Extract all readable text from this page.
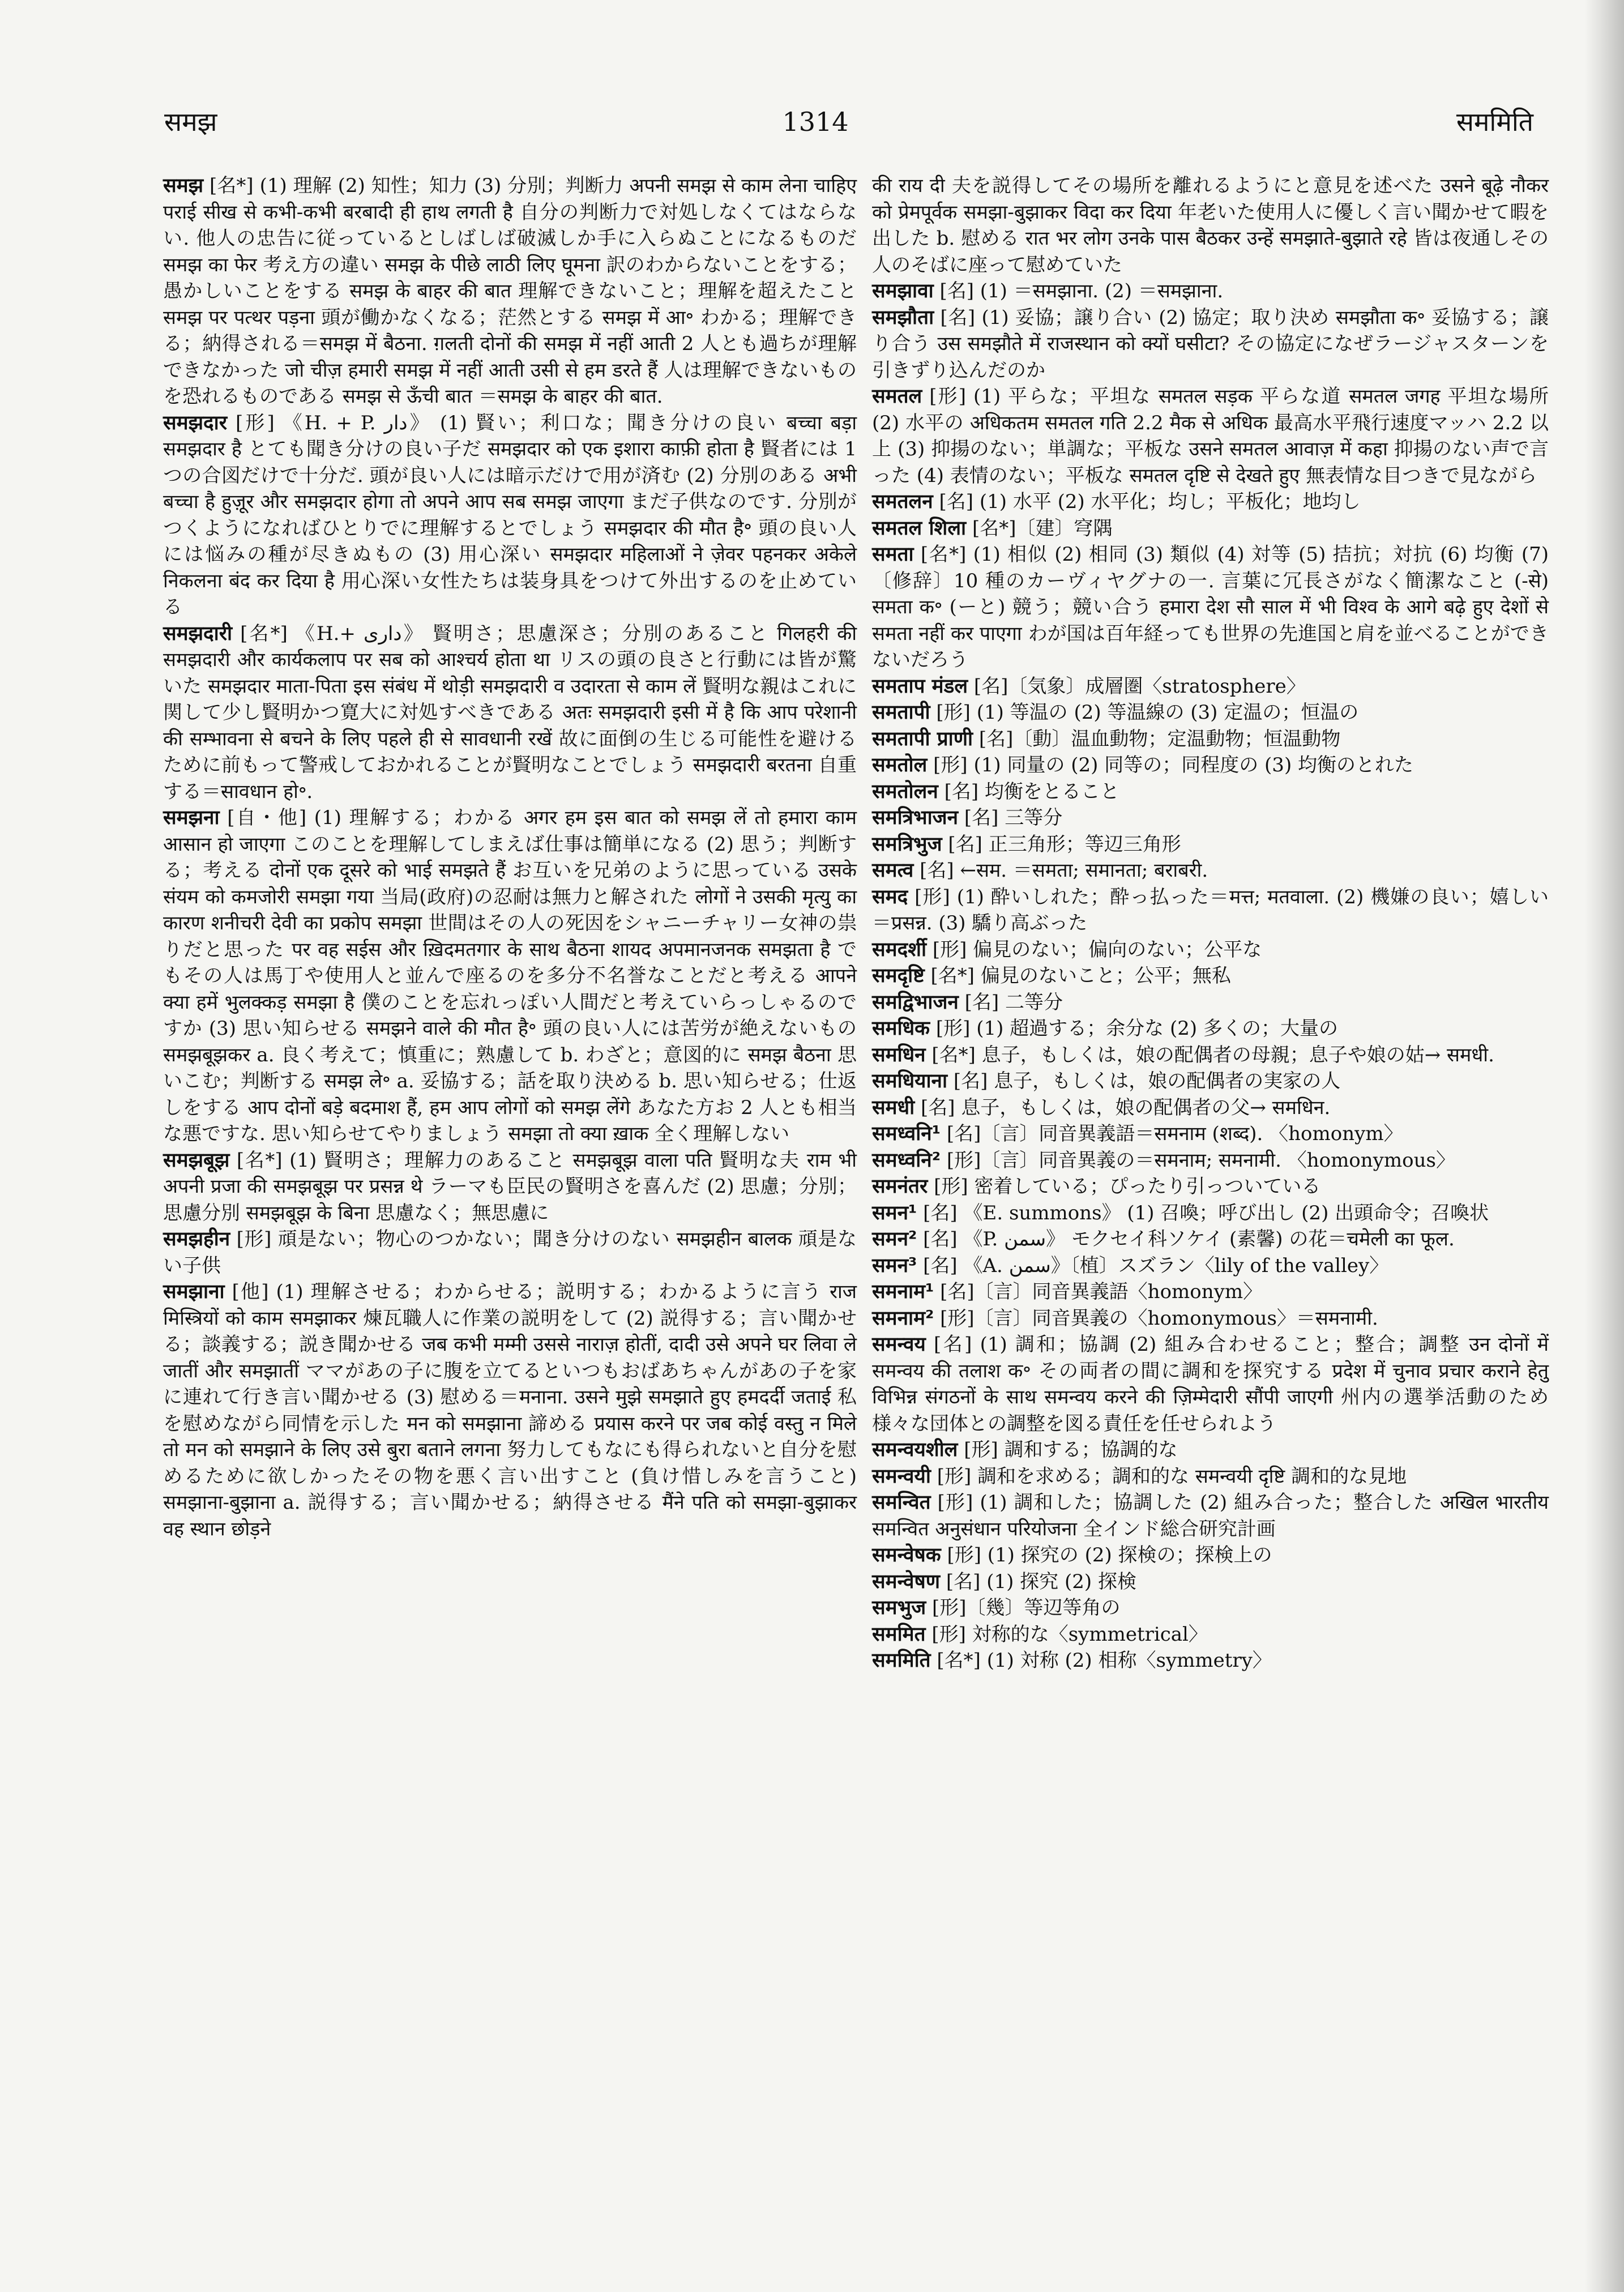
समझ	1314	सममिति
समझ [名*] (1) 理解 (2) 知性；知力 (3) 分別；判断力 अपनी समझ से काम लेना चाहिए पराई सीख से कभी-कभी बरबादी ही हाथ लगती है 自分の判断力で対処しなくてはならない. 他人の忠告に従っているとしばしば破滅しか手に入らぬことになるものだ समझ का फेर 考え方の違い समझ के पीछे लाठी लिए घूमना 訳のわからないことをする；愚かしいことをする समझ के बाहर की बात 理解できないこと；理解を超えたこと समझ पर पत्थर पड़ना 頭が働かなくなる；茫然とする समझ में आ॰ わかる；理解できる；納得される＝समझ में बैठना. ग़लती दोनों की समझ में नहीं आती 2 人とも過ちが理解できなかった जो चीज़ हमारी समझ में नहीं आती उसी से हम डरते हैं 人は理解できないものを恐れるものである समझ से ऊँची बात ＝समझ के बाहर की बात.
समझदार [形] 《H. + P. دار》 (1) 賢い；利口な；聞き分けの良い बच्चा बड़ा समझदार है とても聞き分けの良い子だ समझदार को एक इशारा काफ़ी होता है 賢者には 1 つの合図だけで十分だ. 頭が良い人には暗示だけで用が済む (2) 分別のある अभी बच्चा है हुज़ूर और समझदार होगा तो अपने आप सब समझ जाएगा まだ子供なのです. 分別がつくようになればひとりでに理解するとでしょう समझदार की मौत है॰ 頭の良い人には悩みの種が尽きぬもの (3) 用心深い समझदार महिलाओं ने ज़ेवर पहनकर अकेले निकलना बंद कर दिया है 用心深い女性たちは装身具をつけて外出するのを止めている
समझदारी [名*] 《H.+ داری》 賢明さ；思慮深さ；分別のあること गिलहरी की समझदारी और कार्यकलाप पर सब को आश्चर्य होता था リスの頭の良さと行動には皆が驚いた समझदार माता-पिता इस संबंध में थोड़ी समझदारी व उदारता से काम लें 賢明な親はこれに関して少し賢明かつ寛大に対処すべきである अतः समझदारी इसी में है कि आप परेशानी की सम्भावना से बचने के लिए पहले ही से सावधानी रखें 故に面倒の生じる可能性を避けるために前もって警戒しておかれることが賢明なことでしょう समझदारी बरतना 自重する＝सावधान हो॰.
समझना [自・他] (1) 理解する；わかる अगर हम इस बात को समझ लें तो हमारा काम आसान हो जाएगा このことを理解してしまえば仕事は簡単になる (2) 思う；判断する；考える दोनों एक दूसरे को भाई समझते हैं お互いを兄弟のように思っている उसके संयम को कमजोरी समझा गया 当局(政府)の忍耐は無力と解された लोगों ने उसकी मृत्यु का कारण शनीचरी देवी का प्रकोप समझा 世間はその人の死因をシャニーチャリー女神の祟りだと思った पर वह सईस और ख़िदमतगार के साथ बैठना शायद अपमानजनक समझता है でもその人は馬丁や使用人と並んで座るのを多分不名誉なことだと考える आपने क्या हमें भुलक्कड़ समझा है 僕のことを忘れっぽい人間だと考えていらっしゃるのですか (3) 思い知らせる समझने वाले की मौत है॰ 頭の良い人には苦労が絶えないもの समझबूझकर a. 良く考えて；慎重に；熟慮して b. わざと；意図的に समझ बैठना 思いこむ；判断する समझ ले॰ a. 妥協する；話を取り決める b. 思い知らせる；仕返しをする आप दोनों बड़े बदमाश हैं, हम आप लोगों को समझ लेंगे あなた方お 2 人とも相当な悪ですな. 思い知らせてやりましょう समझा तो क्या ख़ाक 全く理解しない
समझबूझ [名*] (1) 賢明さ；理解力のあること समझबूझ वाला पति 賢明な夫 राम भी अपनी प्रजा की समझबूझ पर प्रसन्न थे ラーマも臣民の賢明さを喜んだ (2) 思慮；分別；思慮分別 समझबूझ के बिना 思慮なく；無思慮に
समझहीन [形] 頑是ない；物心のつかない；聞き分けのない समझहीन बालक 頑是ない子供
समझाना [他] (1) 理解させる；わからせる；説明する；わかるように言う राज मिस्त्रियों को काम समझाकर 煉瓦職人に作業の説明をして (2) 説得する；言い聞かせる；談義する；説き聞かせる जब कभी मम्मी उससे नाराज़ होतीं, दादी उसे अपने घर लिवा ले जातीं और समझातीं ママがあの子に腹を立てるといつもおばあちゃんがあの子を家に連れて行き言い聞かせる (3) 慰める＝मनाना. उसने मुझे समझाते हुए हमदर्दी जताई 私を慰めながら同情を示した मन को समझाना 諦める प्रयास करने पर जब कोई वस्तु न मिले तो मन को समझाने के लिए उसे बुरा बताने लगना 努力してもなにも得られないと自分を慰めるために欲しかったその物を悪く言い出すこと (負け惜しみを言うこと) समझाना-बुझाना a. 説得する；言い聞かせる；納得させる मैंने पति को समझा-बुझाकर वह स्थान छोड़ने
की राय दी 夫を説得してその場所を離れるようにと意見を述べた उसने बूढ़े नौकर को प्रेमपूर्वक समझा-बुझाकर विदा कर दिया 年老いた使用人に優しく言い聞かせて暇を出した b. 慰める रात भर लोग उनके पास बैठकर उन्हें समझाते-बुझाते रहे 皆は夜通しその人のそばに座って慰めていた
समझावा [名] (1) ＝समझाना. (2) ＝समझाना.
समझौता [名] (1) 妥協；譲り合い (2) 協定；取り決め समझौता क॰ 妥協する；譲り合う उस समझौते में राजस्थान को क्यों घसीटा? その協定になぜラージャスターンを引きずり込んだのか
समतल [形] (1) 平らな；平坦な समतल सड़क 平らな道 समतल जगह 平坦な場所 (2) 水平の अधिकतम समतल गति 2.2 मैक से अधिक 最高水平飛行速度マッハ 2.2 以上 (3) 抑揚のない；単調な；平板な उसने समतल आवाज़ में कहा 抑揚のない声で言った (4) 表情のない；平板な समतल दृष्टि से देखते हुए 無表情な目つきで見ながら
समतलन [名] (1) 水平 (2) 水平化；均し；平板化；地均し
समतल शिला [名*]〔建〕穹隅
समता [名*] (1) 相似 (2) 相同 (3) 類似 (4) 対等 (5) 拮抗；対抗 (6) 均衡 (7)〔修辞〕10 種のカーヴィヤグナの一. 言葉に冗長さがなく簡潔なこと (-से) समता क॰ (ーと) 競う；競い合う हमारा देश सौ साल में भी विश्व के आगे बढ़े हुए देशों से समता नहीं कर पाएगा わが国は百年経っても世界の先進国と肩を並べることができないだろう
समताप मंडल [名]〔気象〕成層圏〈stratosphere〉
समतापी [形] (1) 等温の (2) 等温線の (3) 定温の；恒温の
समतापी प्राणी [名]〔動〕温血動物；定温動物；恒温動物
समतोल [形] (1) 同量の (2) 同等の；同程度の (3) 均衡のとれた
समतोलन [名] 均衡をとること
समत्रिभाजन [名] 三等分
समत्रिभुज [名] 正三角形；等辺三角形
समत्व [名] ←सम. ＝समता; समानता; बराबरी.
समद [形] (1) 酔いしれた；酔っ払った＝मत्त; मतवाला. (2) 機嫌の良い；嬉しい＝प्रसन्न. (3) 驕り高ぶった
समदर्शी [形] 偏見のない；偏向のない；公平な
समदृष्टि [名*] 偏見のないこと；公平；無私
समद्विभाजन [名] 二等分
समधिक [形] (1) 超過する；余分な (2) 多くの；大量の
समधिन [名*] 息子，もしくは，娘の配偶者の母親；息子や娘の姑→ समधी.
समधियाना [名] 息子，もしくは，娘の配偶者の実家の人
समधी [名] 息子，もしくは，娘の配偶者の父→ समधिन.
समध्वनि¹ [名]〔言〕同音異義語＝समनाम (शब्द). 〈homonym〉
समध्वनि² [形]〔言〕同音異義の＝समनाम; समनामी. 〈homonymous〉
समनंतर [形] 密着している；ぴったり引っついている
समन¹ [名] 《E. summons》 (1) 召喚；呼び出し (2) 出頭命令；召喚状
समन² [名] 《P. سمن》 モクセイ科ソケイ (素馨) の花＝चमेली का फूल.
समन³ [名] 《A. سمن》〔植〕スズラン〈lily of the valley〉
समनाम¹ [名]〔言〕同音異義語〈homonym〉
समनाम² [形]〔言〕同音異義の〈homonymous〉＝समनामी.
समन्वय [名] (1) 調和；協調 (2) 組み合わせること；整合；調整 उन दोनों में समन्वय की तलाश क॰ その両者の間に調和を探究する प्रदेश में चुनाव प्रचार कराने हेतु विभिन्न संगठनों के साथ समन्वय करने की ज़िम्मेदारी सौंपी जाएगी 州内の選挙活動のため様々な団体との調整を図る責任を任せられよう
समन्वयशील [形] 調和する；協調的な
समन्वयी [形] 調和を求める；調和的な समन्वयी दृष्टि 調和的な見地
समन्वित [形] (1) 調和した；協調した (2) 組み合った；整合した अखिल भारतीय समन्वित अनुसंधान परियोजना 全インド総合研究計画
समन्वेषक [形] (1) 探究の (2) 探検の；探検上の
समन्वेषण [名] (1) 探究 (2) 探検
समभुज [形]〔幾〕等辺等角の
सममित [形] 対称的な〈symmetrical〉
सममिति [名*] (1) 対称 (2) 相称〈symmetry〉
